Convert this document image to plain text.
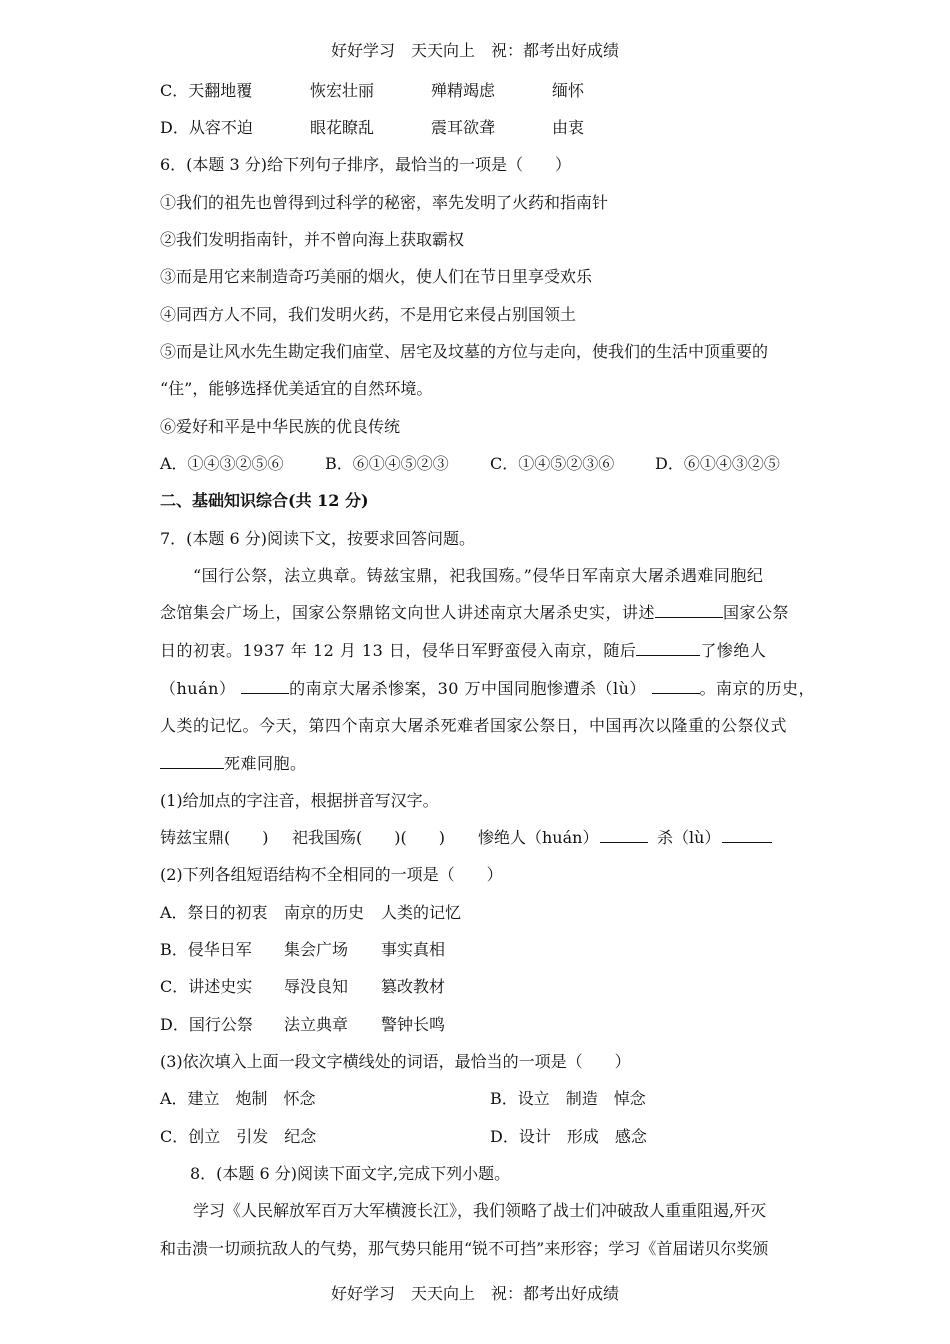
好好学习　天天向上　祝：都考出好成绩
C．天翻地覆	恢宏壮丽	殚精竭虑	缅怀
D．从容不迫	眼花瞭乱	震耳欲聋	由衷
6．(本题 3 分)给下列句子排序，最恰当的一项是（　　）
①我们的祖先也曾得到过科学的秘密，率先发明了火药和指南针
②我们发明指南针，并不曾向海上获取霸权
③而是用它来制造奇巧美丽的烟火，使人们在节日里享受欢乐
④同西方人不同，我们发明火药，不是用它来侵占别国领土
⑤而是让风水先生勘定我们庙堂、居宅及坟墓的方位与走向，使我们的生活中顶重要的
“住”，能够选择优美适宜的自然环境。
⑥爱好和平是中华民族的优良传统
A．①④③②⑤⑥	B．⑥①④⑤②③	C．①④⑤②③⑥	D．⑥①④③②⑤
二、基础知识综合(共 12 分)
7．(本题 6 分)阅读下文，按要求回答问题。
“国行公祭，法立典章。铸兹宝鼎，祀我国殇。”侵华日军南京大屠杀遇难同胞纪
念馆集会广场上，国家公祭鼎铭文向世人讲述南京大屠杀史实，讲述	国家公祭
日的初衷。1937 年 12 月 13 日，侵华日军野蛮侵入南京，随后	了惨绝人
（huán）	的南京大屠杀惨案，30 万中国同胞惨遭杀（lù）	。南京的历史，
人类的记忆。今天，第四个南京大屠杀死难者国家公祭日，中国再次以隆重的公祭仪式
死难同胞。
(1)给加点的字注音，根据拼音写汉字。
铸兹宝鼎(　　) 祀我国殇(　　)(　　) 惨绝人（huán）	杀（lù）
(2)下列各组短语结构不全相同的一项是（　　）
A．祭日的初衷 南京的历史 人类的记忆
B．侵华日军 集会广场 事实真相
C．讲述史实 辱没良知 篡改教材
D．国行公祭 法立典章 警钟长鸣
(3)依次填入上面一段文字横线处的词语，最恰当的一项是（　　）
A．建立　炮制　怀念	B．设立　制造　悼念
C．创立　引发　纪念	D．设计　形成　感念
8．(本题 6 分)阅读下面文字,完成下列小题。
学习《人民解放军百万大军横渡长江》，我们领略了战士们冲破敌人重重阻遏,歼灭
和击溃一切顽抗敌人的气势，那气势只能用“锐不可挡”来形容；学习《首届诺贝尔奖颁
好好学习　天天向上　祝：都考出好成绩
